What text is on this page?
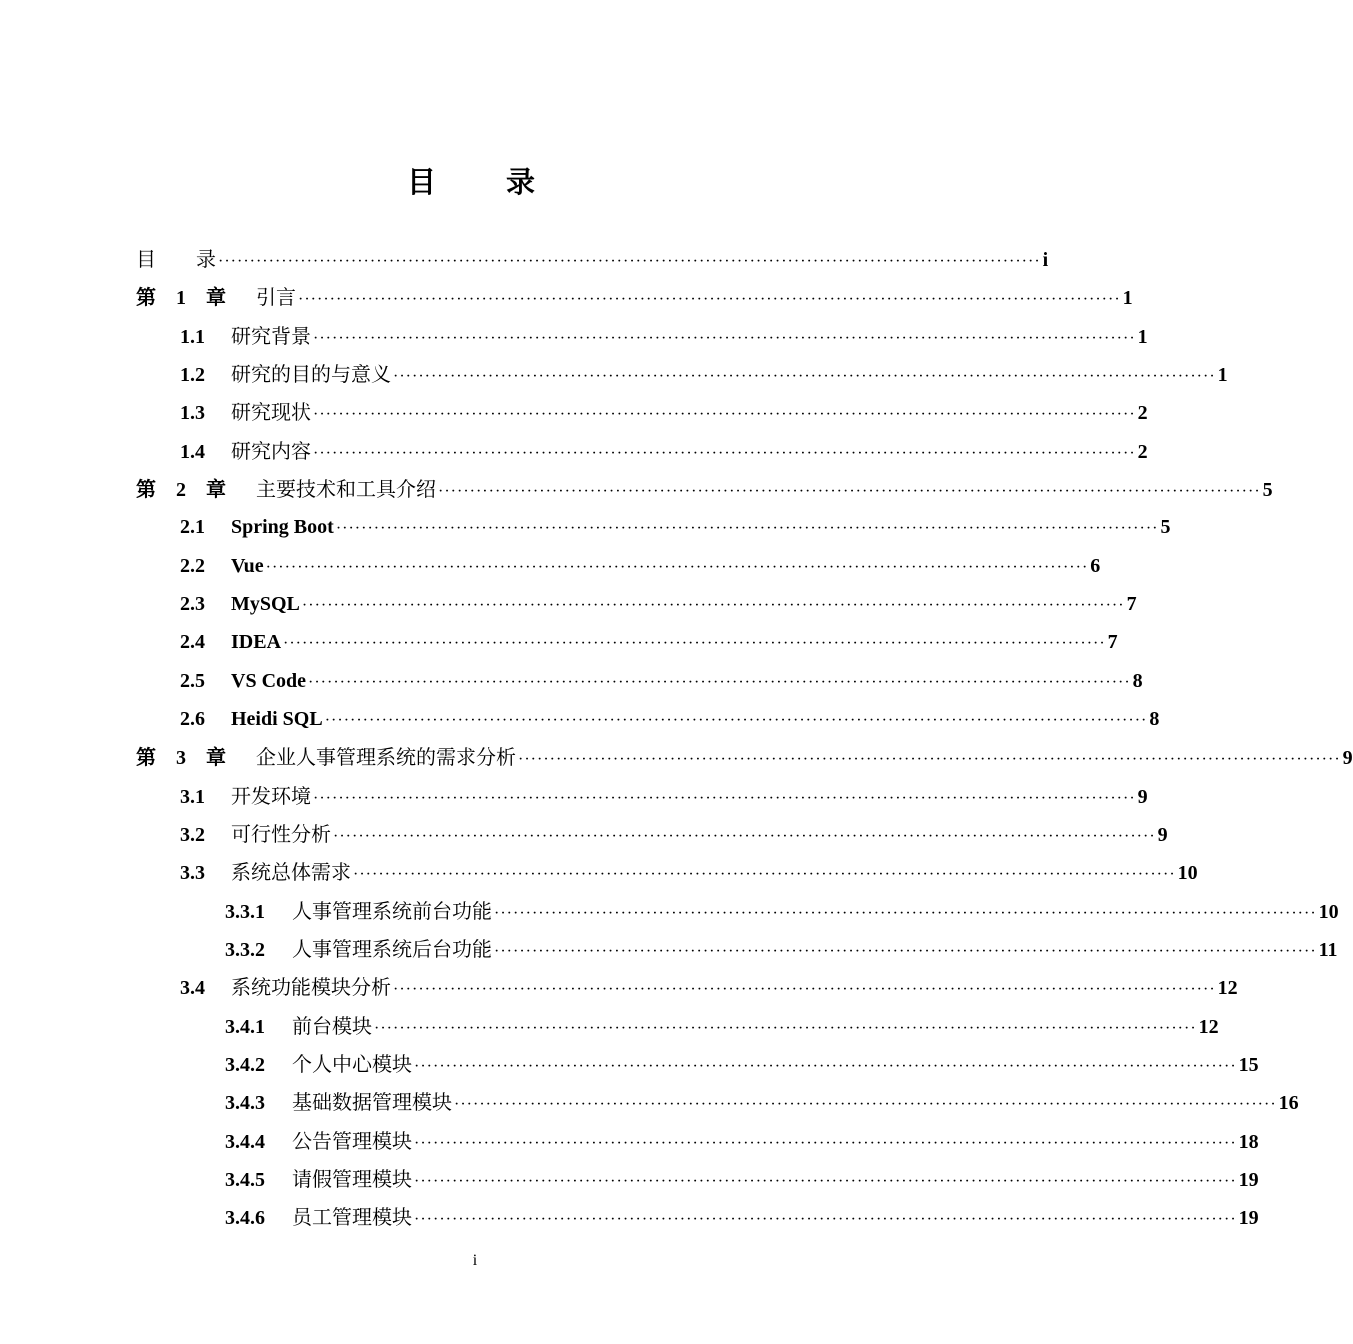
目 录
目　　录 ·································································································································· i
第　1　章	引言 ·································································································································· 1
1.1	研究背景 ·································································································································· 1
1.2	研究的目的与意义 ·································································································································· 1
1.3	研究现状 ·································································································································· 2
1.4	研究内容 ·································································································································· 2
第　2　章	主要技术和工具介绍 ·································································································································· 5
2.1	Spring Boot ·································································································································· 5
2.2	Vue ·································································································································· 6
2.3	MySQL ·································································································································· 7
2.4	IDEA ·································································································································· 7
2.5	VS Code ·································································································································· 8
2.6	Heidi SQL ·································································································································· 8
第　3　章	企业人事管理系统的需求分析 ·································································································································· 9
3.1	开发环境 ·································································································································· 9
3.2	可行性分析 ·································································································································· 9
3.3	系统总体需求 ·································································································································· 10
3.3.1	人事管理系统前台功能 ·································································································································· 10
3.3.2	人事管理系统后台功能 ·································································································································· 11
3.4	系统功能模块分析 ·································································································································· 12
3.4.1	前台模块 ·································································································································· 12
3.4.2	个人中心模块 ·································································································································· 15
3.4.3	基础数据管理模块 ·································································································································· 16
3.4.4	公告管理模块 ·································································································································· 18
3.4.5	请假管理模块 ·································································································································· 19
3.4.6	员工管理模块 ·································································································································· 19
i
